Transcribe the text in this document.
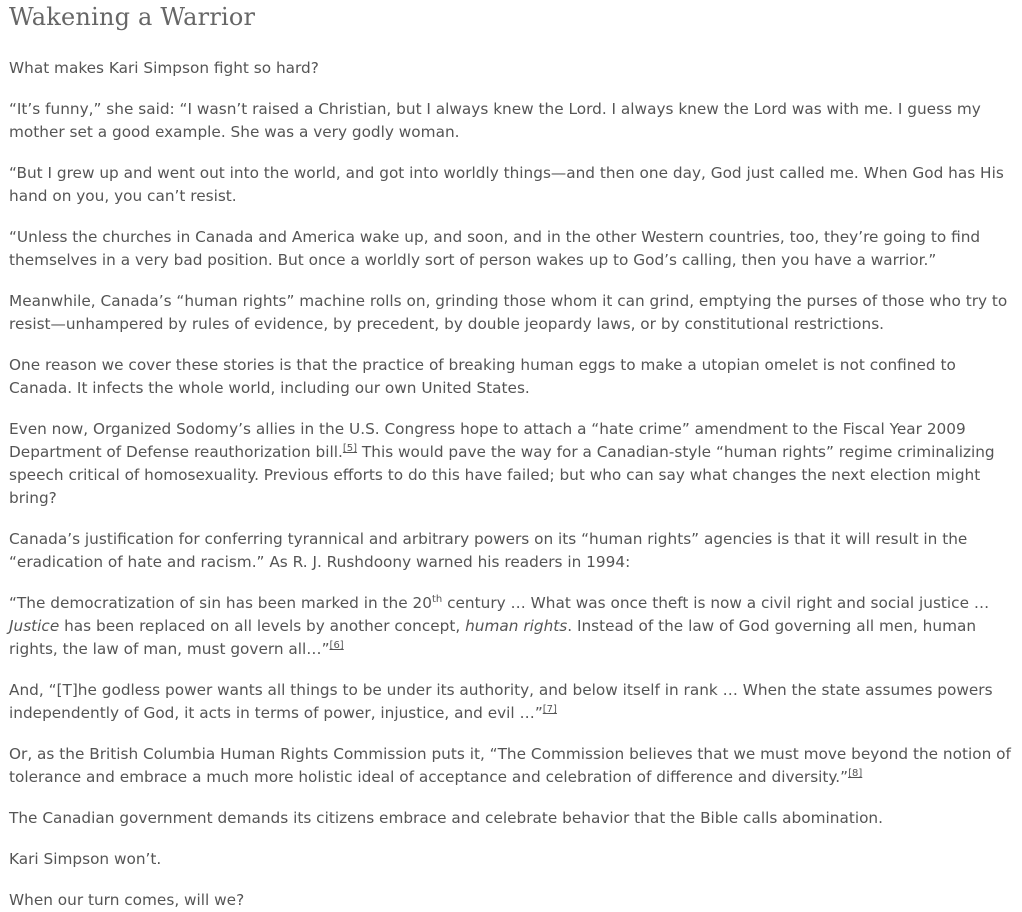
Wakening a Warrior

What makes Kari Simpson fight so hard?

“It’s funny,” she said: “I wasn’t raised a Christian, but I always knew the Lord. I always knew the Lord was with me. I guess my mother set a good example. She was a very godly woman.

“But I grew up and went out into the world, and got into worldly things—and then one day, God just called me. When God has His hand on you, you can’t resist.

“Unless the churches in Canada and America wake up, and soon, and in the other Western countries, too, they’re going to find themselves in a very bad position. But once a worldly sort of person wakes up to God’s calling, then you have a warrior.”

Meanwhile, Canada’s “human rights” machine rolls on, grinding those whom it can grind, emptying the purses of those who try to resist—unhampered by rules of evidence, by precedent, by double jeopardy laws, or by constitutional restrictions.

One reason we cover these stories is that the practice of breaking human eggs to make a utopian omelet is not confined to Canada. It infects the whole world, including our own United States.

Even now, Organized Sodomy’s allies in the U.S. Congress hope to attach a “hate crime” amendment to the Fiscal Year 2009 Department of Defense reauthorization bill.[5] This would pave the way for a Canadian-style “human rights” regime criminalizing speech critical of homosexuality. Previous efforts to do this have failed; but who can say what changes the next election might bring?

Canada’s justification for conferring tyrannical and arbitrary powers on its “human rights” agencies is that it will result in the “eradication of hate and racism.” As R. J. Rushdoony warned his readers in 1994:

“The democratization of sin has been marked in the 20th century … What was once theft is now a civil right and social justice … Justice has been replaced on all levels by another concept, human rights. Instead of the law of God governing all men, human rights, the law of man, must govern all…”[6]

And, “[T]he godless power wants all things to be under its authority, and below itself in rank … When the state assumes powers independently of God, it acts in terms of power, injustice, and evil …”[7]

Or, as the British Columbia Human Rights Commission puts it, “The Commission believes that we must move beyond the notion of tolerance and embrace a much more holistic ideal of acceptance and celebration of difference and diversity.”[8]

The Canadian government demands its citizens embrace and celebrate behavior that the Bible calls abomination.

Kari Simpson won’t.

When our turn comes, will we?
